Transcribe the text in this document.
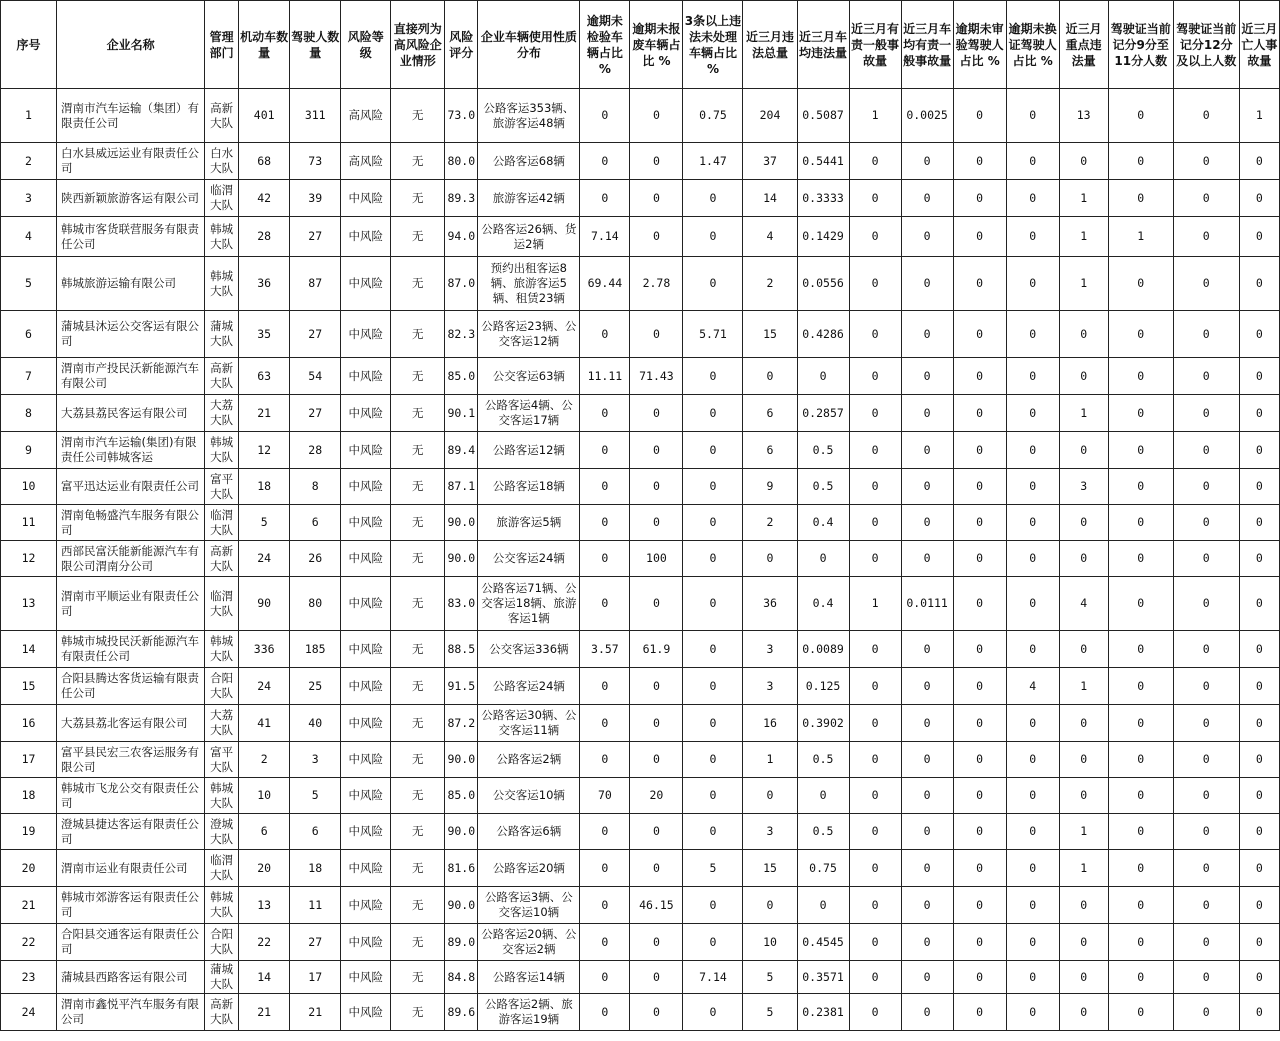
序号	企业名称	管理部门	机动车数量	驾驶人数量	风险等级	直接列为高风险企业情形	风险评分	企业车辆使用性质分布	逾期未检验车辆占比 %	逾期未报废车辆占比 %	3条以上违法未处理车辆占比 %	近三月违法总量	近三月车均违法量	近三月有责一般事故量	近三月车均有责一般事故量	逾期未审验驾驶人占比 %	逾期未换证驾驶人占比 %	近三月重点违法量	驾驶证当前记分9分至11分人数	驾驶证当前记分12分及以上人数	近三月亡人事故量
1	渭南市汽车运输（集团）有限责任公司	高新大队	401	311	高风险	无	73.0	公路客运353辆、旅游客运48辆	0	0	0.75	204	0.5087	1	0.0025	0	0	13	0	0	1
2	白水县威远运业有限责任公司	白水大队	68	73	高风险	无	80.0	公路客运68辆	0	0	1.47	37	0.5441	0	0	0	0	0	0	0	0
3	陕西新颖旅游客运有限公司	临渭大队	42	39	中风险	无	89.3	旅游客运42辆	0	0	0	14	0.3333	0	0	0	0	1	0	0	0
4	韩城市客货联营服务有限责任公司	韩城大队	28	27	中风险	无	94.0	公路客运26辆、货运2辆	7.14	0	0	4	0.1429	0	0	0	0	1	1	0	0
5	韩城旅游运输有限公司	韩城大队	36	87	中风险	无	87.0	预约出租客运8辆、旅游客运5辆、租赁23辆	69.44	2.78	0	2	0.0556	0	0	0	0	1	0	0	0
6	蒲城县沐运公交客运有限公司	蒲城大队	35	27	中风险	无	82.3	公路客运23辆、公交客运12辆	0	0	5.71	15	0.4286	0	0	0	0	0	0	0	0
7	渭南市产投民沃新能源汽车有限公司	高新大队	63	54	中风险	无	85.0	公交客运63辆	11.11	71.43	0	0	0	0	0	0	0	0	0	0	0
8	大荔县荔民客运有限公司	大荔大队	21	27	中风险	无	90.1	公路客运4辆、公交客运17辆	0	0	0	6	0.2857	0	0	0	0	1	0	0	0
9	渭南市汽车运输(集团)有限责任公司韩城客运	韩城大队	12	28	中风险	无	89.4	公路客运12辆	0	0	0	6	0.5	0	0	0	0	0	0	0	0
10	富平迅达运业有限责任公司	富平大队	18	8	中风险	无	87.1	公路客运18辆	0	0	0	9	0.5	0	0	0	0	3	0	0	0
11	渭南龟畅盛汽车服务有限公司	临渭大队	5	6	中风险	无	90.0	旅游客运5辆	0	0	0	2	0.4	0	0	0	0	0	0	0	0
12	西部民富沃能新能源汽车有限公司渭南分公司	高新大队	24	26	中风险	无	90.0	公交客运24辆	0	100	0	0	0	0	0	0	0	0	0	0	0
13	渭南市平顺运业有限责任公司	临渭大队	90	80	中风险	无	83.0	公路客运71辆、公交客运18辆、旅游客运1辆	0	0	0	36	0.4	1	0.0111	0	0	4	0	0	0
14	韩城市城投民沃新能源汽车有限责任公司	韩城大队	336	185	中风险	无	88.5	公交客运336辆	3.57	61.9	0	3	0.0089	0	0	0	0	0	0	0	0
15	合阳县腾达客货运输有限责任公司	合阳大队	24	25	中风险	无	91.5	公路客运24辆	0	0	0	3	0.125	0	0	0	4	1	0	0	0
16	大荔县荔北客运有限公司	大荔大队	41	40	中风险	无	87.2	公路客运30辆、公交客运11辆	0	0	0	16	0.3902	0	0	0	0	0	0	0	0
17	富平县民宏三农客运服务有限公司	富平大队	2	3	中风险	无	90.0	公路客运2辆	0	0	0	1	0.5	0	0	0	0	0	0	0	0
18	韩城市飞龙公交有限责任公司	韩城大队	10	5	中风险	无	85.0	公交客运10辆	70	20	0	0	0	0	0	0	0	0	0	0	0
19	澄城县捷达客运有限责任公司	澄城大队	6	6	中风险	无	90.0	公路客运6辆	0	0	0	3	0.5	0	0	0	0	1	0	0	0
20	渭南市运业有限责任公司	临渭大队	20	18	中风险	无	81.6	公路客运20辆	0	0	5	15	0.75	0	0	0	0	1	0	0	0
21	韩城市郊游客运有限责任公司	韩城大队	13	11	中风险	无	90.0	公路客运3辆、公交客运10辆	0	46.15	0	0	0	0	0	0	0	0	0	0	0
22	合阳县交通客运有限责任公司	合阳大队	22	27	中风险	无	89.0	公路客运20辆、公交客运2辆	0	0	0	10	0.4545	0	0	0	0	0	0	0	0
23	蒲城县西路客运有限公司	蒲城大队	14	17	中风险	无	84.8	公路客运14辆	0	0	7.14	5	0.3571	0	0	0	0	0	0	0	0
24	渭南市鑫悦平汽车服务有限公司	高新大队	21	21	中风险	无	89.6	公路客运2辆、旅游客运19辆	0	0	0	5	0.2381	0	0	0	0	0	0	0	0
